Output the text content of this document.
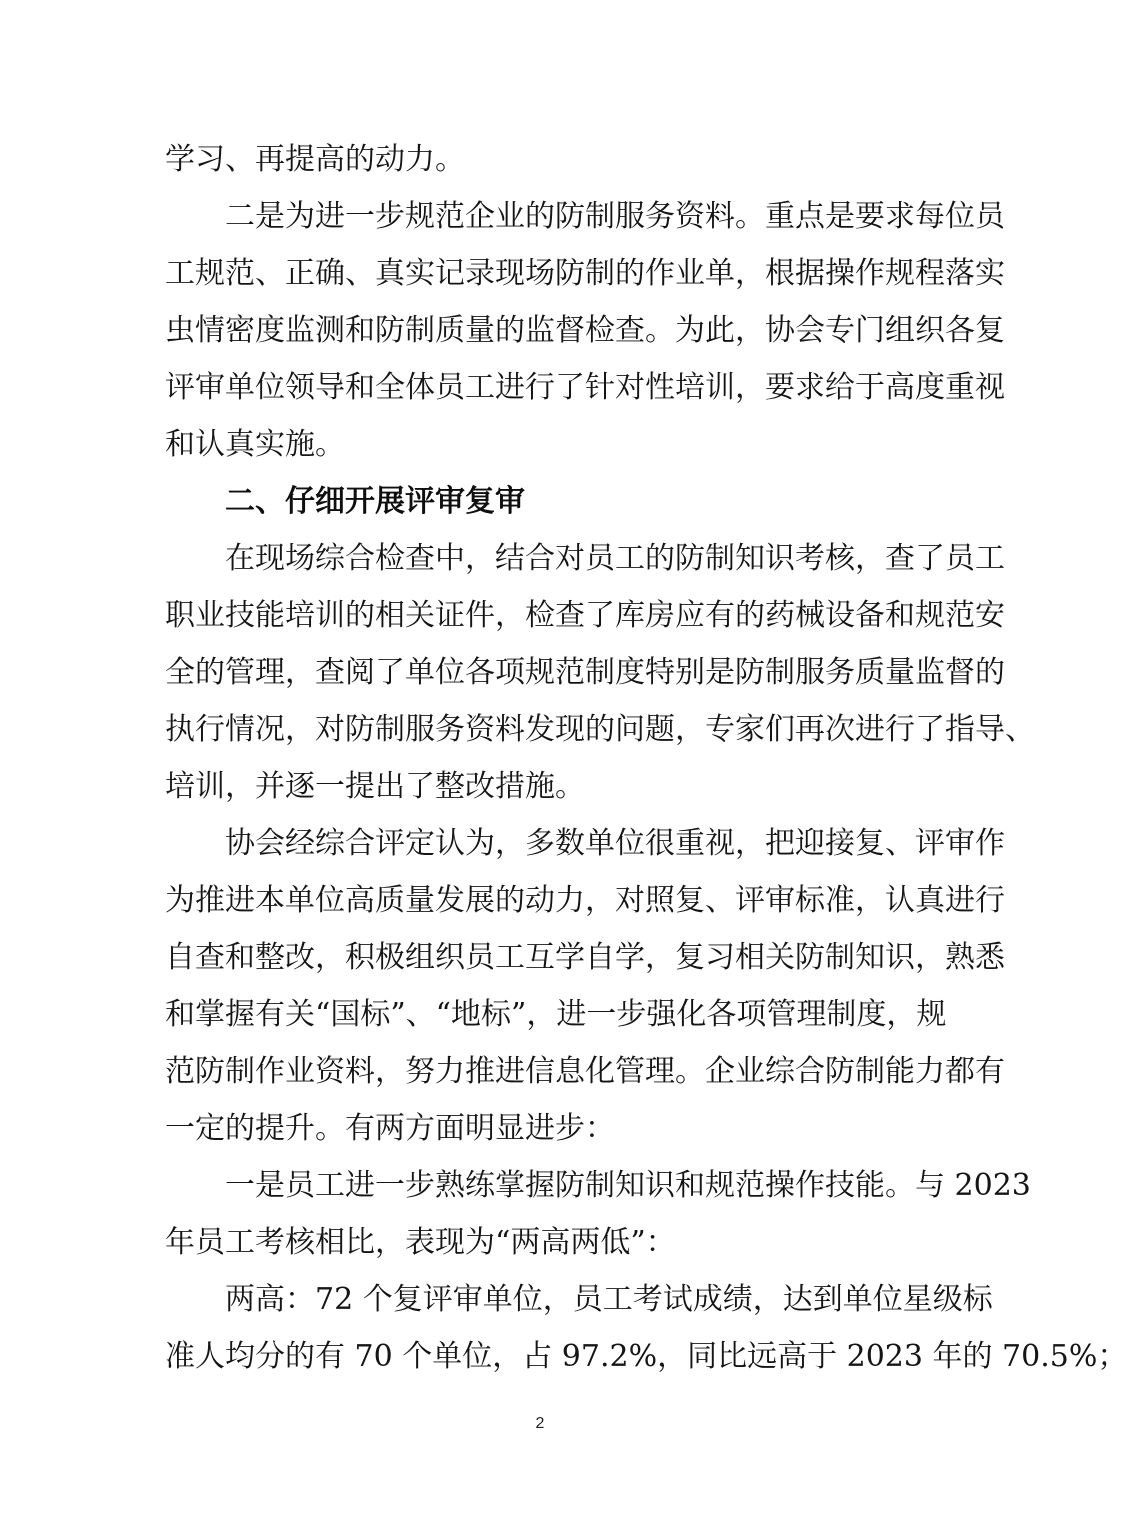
学习、再提高的动力。
二是为进一步规范企业的防制服务资料。重点是要求每位员
工规范、正确、真实记录现场防制的作业单，根据操作规程落实
虫情密度监测和防制质量的监督检查。为此，协会专门组织各复
评审单位领导和全体员工进行了针对性培训，要求给于高度重视
和认真实施。
二、仔细开展评审复审
在现场综合检查中，结合对员工的防制知识考核，查了员工
职业技能培训的相关证件，检查了库房应有的药械设备和规范安
全的管理，查阅了单位各项规范制度特别是防制服务质量监督的
执行情况，对防制服务资料发现的问题，专家们再次进行了指导、
培训，并逐一提出了整改措施。
协会经综合评定认为，多数单位很重视，把迎接复、评审作
为推进本单位高质量发展的动力，对照复、评审标准，认真进行
自查和整改，积极组织员工互学自学，复习相关防制知识，熟悉
和掌握有关“国标”、“地标”，进一步强化各项管理制度，规
范防制作业资料，努力推进信息化管理。企业综合防制能力都有
一定的提升。有两方面明显进步：
一是员工进一步熟练掌握防制知识和规范操作技能。与 2023
年员工考核相比，表现为“两高两低”：
两高：72 个复评审单位，员工考试成绩，达到单位星级标
准人均分的有 70 个单位，占 97.2%，同比远高于 2023 年的 70.5%；
2
